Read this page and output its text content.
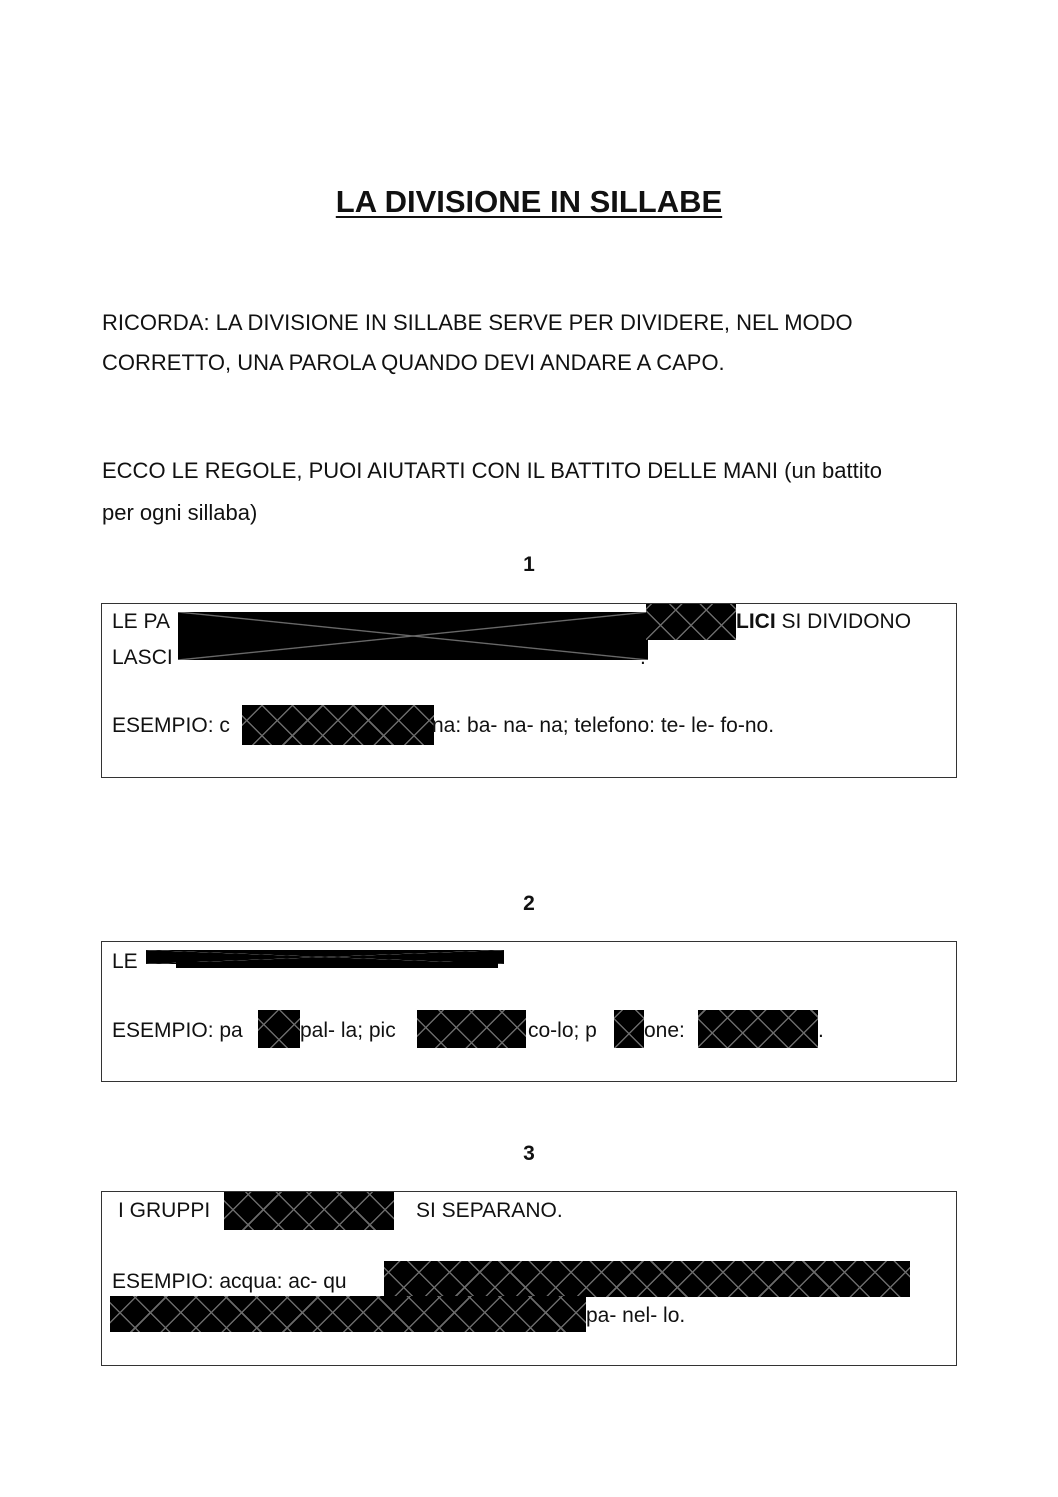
LA DIVISIONE IN SILLABE
RICORDA: LA DIVISIONE IN SILLABE SERVE PER DIVIDERE, NEL MODO
CORRETTO, UNA PAROLA QUANDO DEVI ANDARE A CAPO.
ECCO LE REGOLE, PUOI AIUTARTI CON IL BATTITO DELLE MANI (un battito
per ogni sillaba)
1
LE PA	LICI SI DIVIDONO
LASCI	.
ESEMPIO: c	na: ba- na- na; telefono: te- le- fo-no.
2
LE
ESEMPIO: pa	pal- la; pic	co-lo; p one:	.
3
I GRUPPI	SI SEPARANO.
ESEMPIO: acqua: ac- qu
pa- nel- lo.
